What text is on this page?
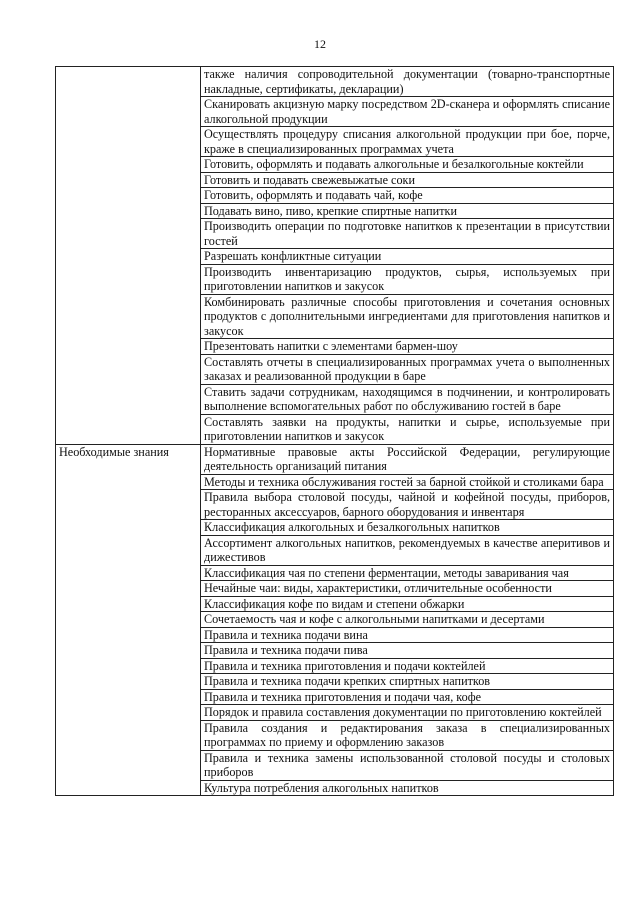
12
	также наличия сопроводительной документации (товарно-транспортные накладные, сертификаты, декларации)
	Сканировать акцизную марку посредством 2D-сканера и оформлять списание алкогольной продукции
	Осуществлять процедуру списания алкогольной продукции при бое, порче, краже в специализированных программах учета
	Готовить, оформлять и подавать алкогольные и безалкогольные коктейли
	Готовить и подавать свежевыжатые соки
	Готовить, оформлять и подавать чай, кофе
	Подавать вино, пиво, крепкие спиртные напитки
	Производить операции по подготовке напитков к презентации в присутствии гостей
	Разрешать конфликтные ситуации
	Производить инвентаризацию продуктов, сырья, используемых при приготовлении напитков и закусок
	Комбинировать различные способы приготовления и сочетания основных продуктов с дополнительными ингредиентами для приготовления напитков и закусок
	Презентовать напитки с элементами бармен-шоу
	Составлять отчеты в специализированных программах учета о выполненных заказах и реализованной продукции в баре
	Ставить задачи сотрудникам, находящимся в подчинении, и контролировать выполнение вспомогательных работ по обслуживанию гостей в баре
	Составлять заявки на продукты, напитки и сырье, используемые при приготовлении напитков и закусок
Необходимые знания	Нормативные правовые акты Российской Федерации, регулирующие деятельность организаций питания
	Методы и техника обслуживания гостей за барной стойкой и столиками бара
	Правила выбора столовой посуды, чайной и кофейной посуды, приборов, ресторанных аксессуаров, барного оборудования и инвентаря
	Классификация алкогольных и безалкогольных напитков
	Ассортимент алкогольных напитков, рекомендуемых в качестве аперитивов и дижестивов
	Классификация чая по степени ферментации, методы заваривания чая
	Нечайные чаи: виды, характеристики, отличительные особенности
	Классификация кофе по видам и степени обжарки
	Сочетаемость чая и кофе с алкогольными напитками и десертами
	Правила и техника подачи вина
	Правила и техника подачи пива
	Правила и техника приготовления и подачи коктейлей
	Правила и техника подачи крепких спиртных напитков
	Правила и техника приготовления и подачи чая, кофе
	Порядок и правила составления документации по приготовлению коктейлей
	Правила создания и редактирования заказа в специализированных программах по приему и оформлению заказов
	Правила и техника замены использованной столовой посуды и столовых приборов
	Культура потребления алкогольных напитков
